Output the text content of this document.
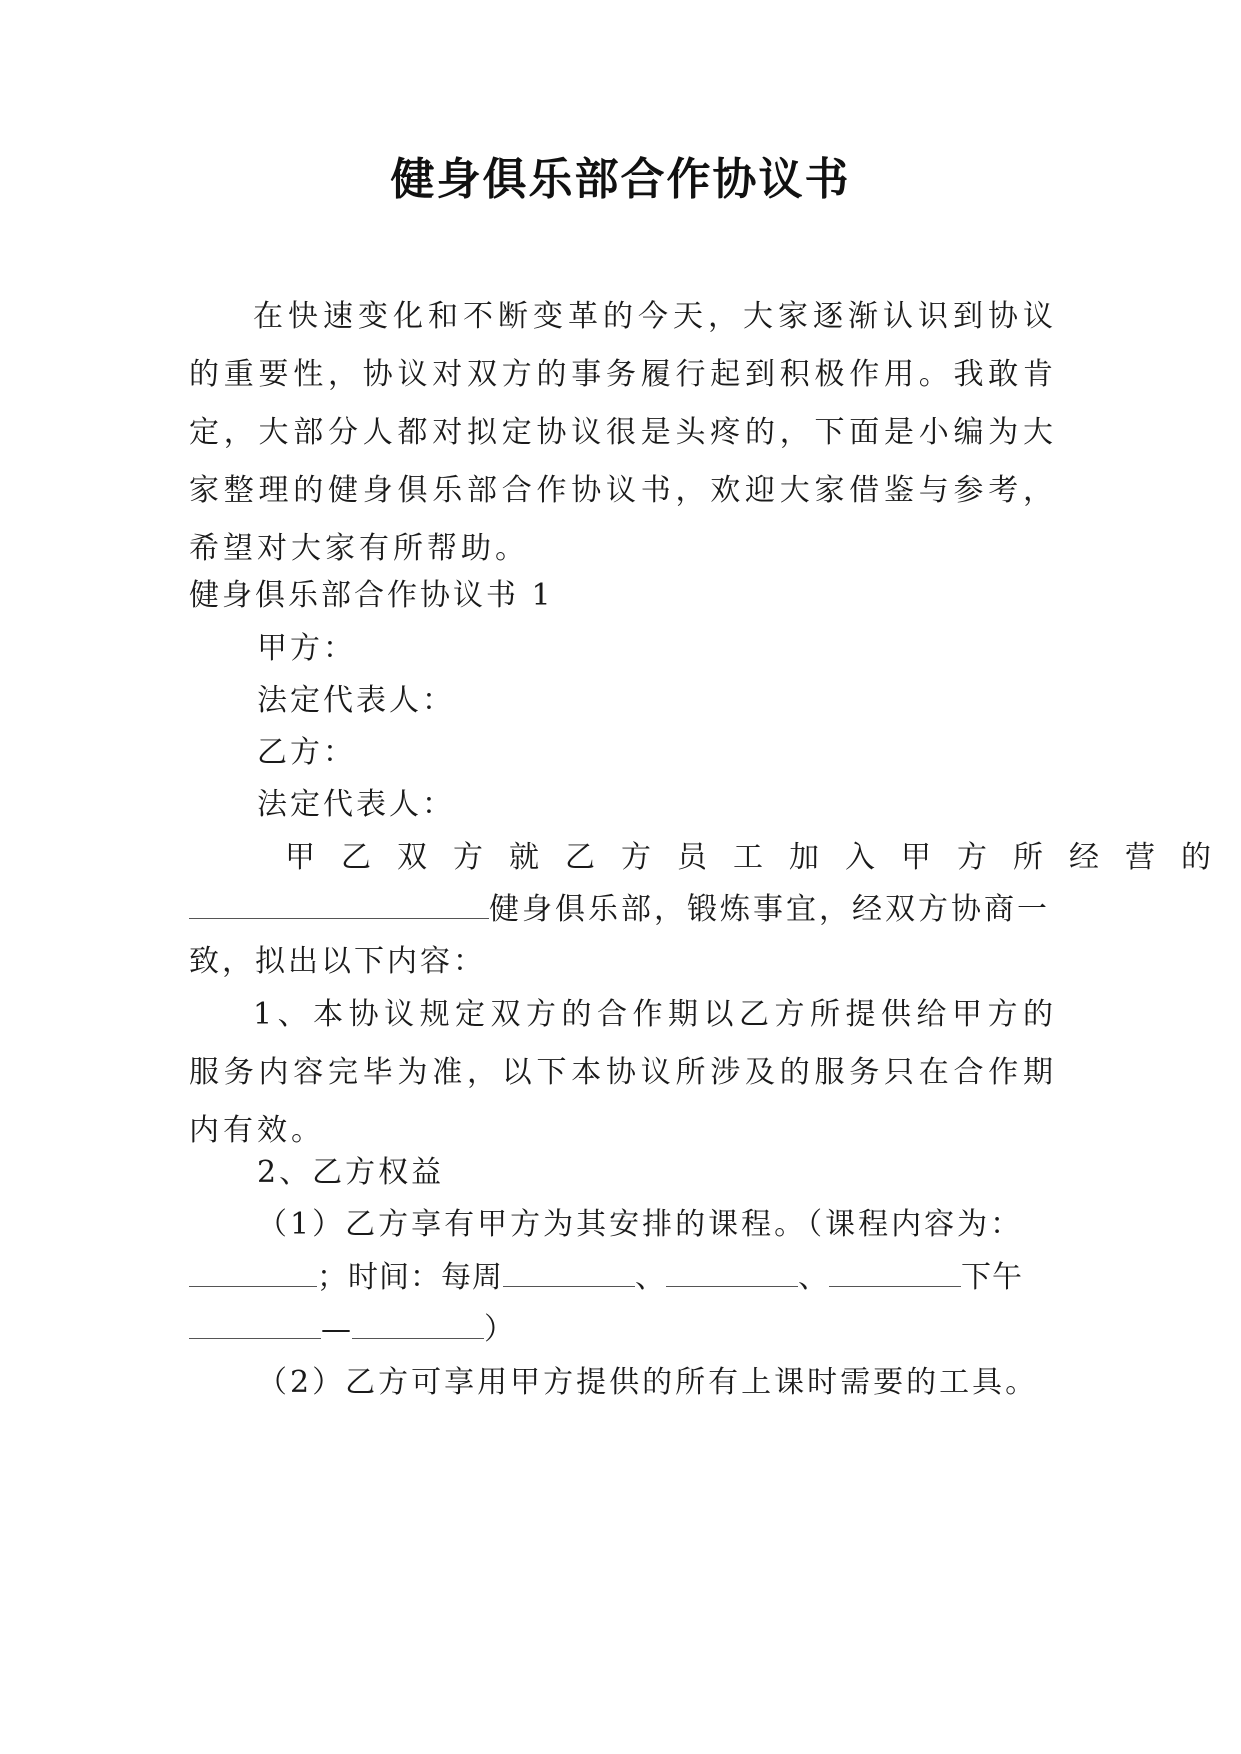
健身俱乐部合作协议书

在快速变化和不断变革的今天，大家逐渐认识到协议的重要性，协议对双方的事务履行起到积极作用。我敢肯定，大部分人都对拟定协议很是头疼的，下面是小编为大家整理的健身俱乐部合作协议书，欢迎大家借鉴与参考，希望对大家有所帮助。

健身俱乐部合作协议书 1
甲方：
法定代表人：
乙方：
法定代表人：
甲乙双方就乙方员工加入甲方所经营的
健身俱乐部，锻炼事宜，经双方协商一
致，拟出以下内容：

1、本协议规定双方的合作期以乙方所提供给甲方的服务内容完毕为准，以下本协议所涉及的服务只在合作期内有效。

2、乙方权益
（1）乙方享有甲方为其安排的课程。（课程内容为：
；时间：每周	、	、	下午
—	）
（2）乙方可享用甲方提供的所有上课时需要的工具。
